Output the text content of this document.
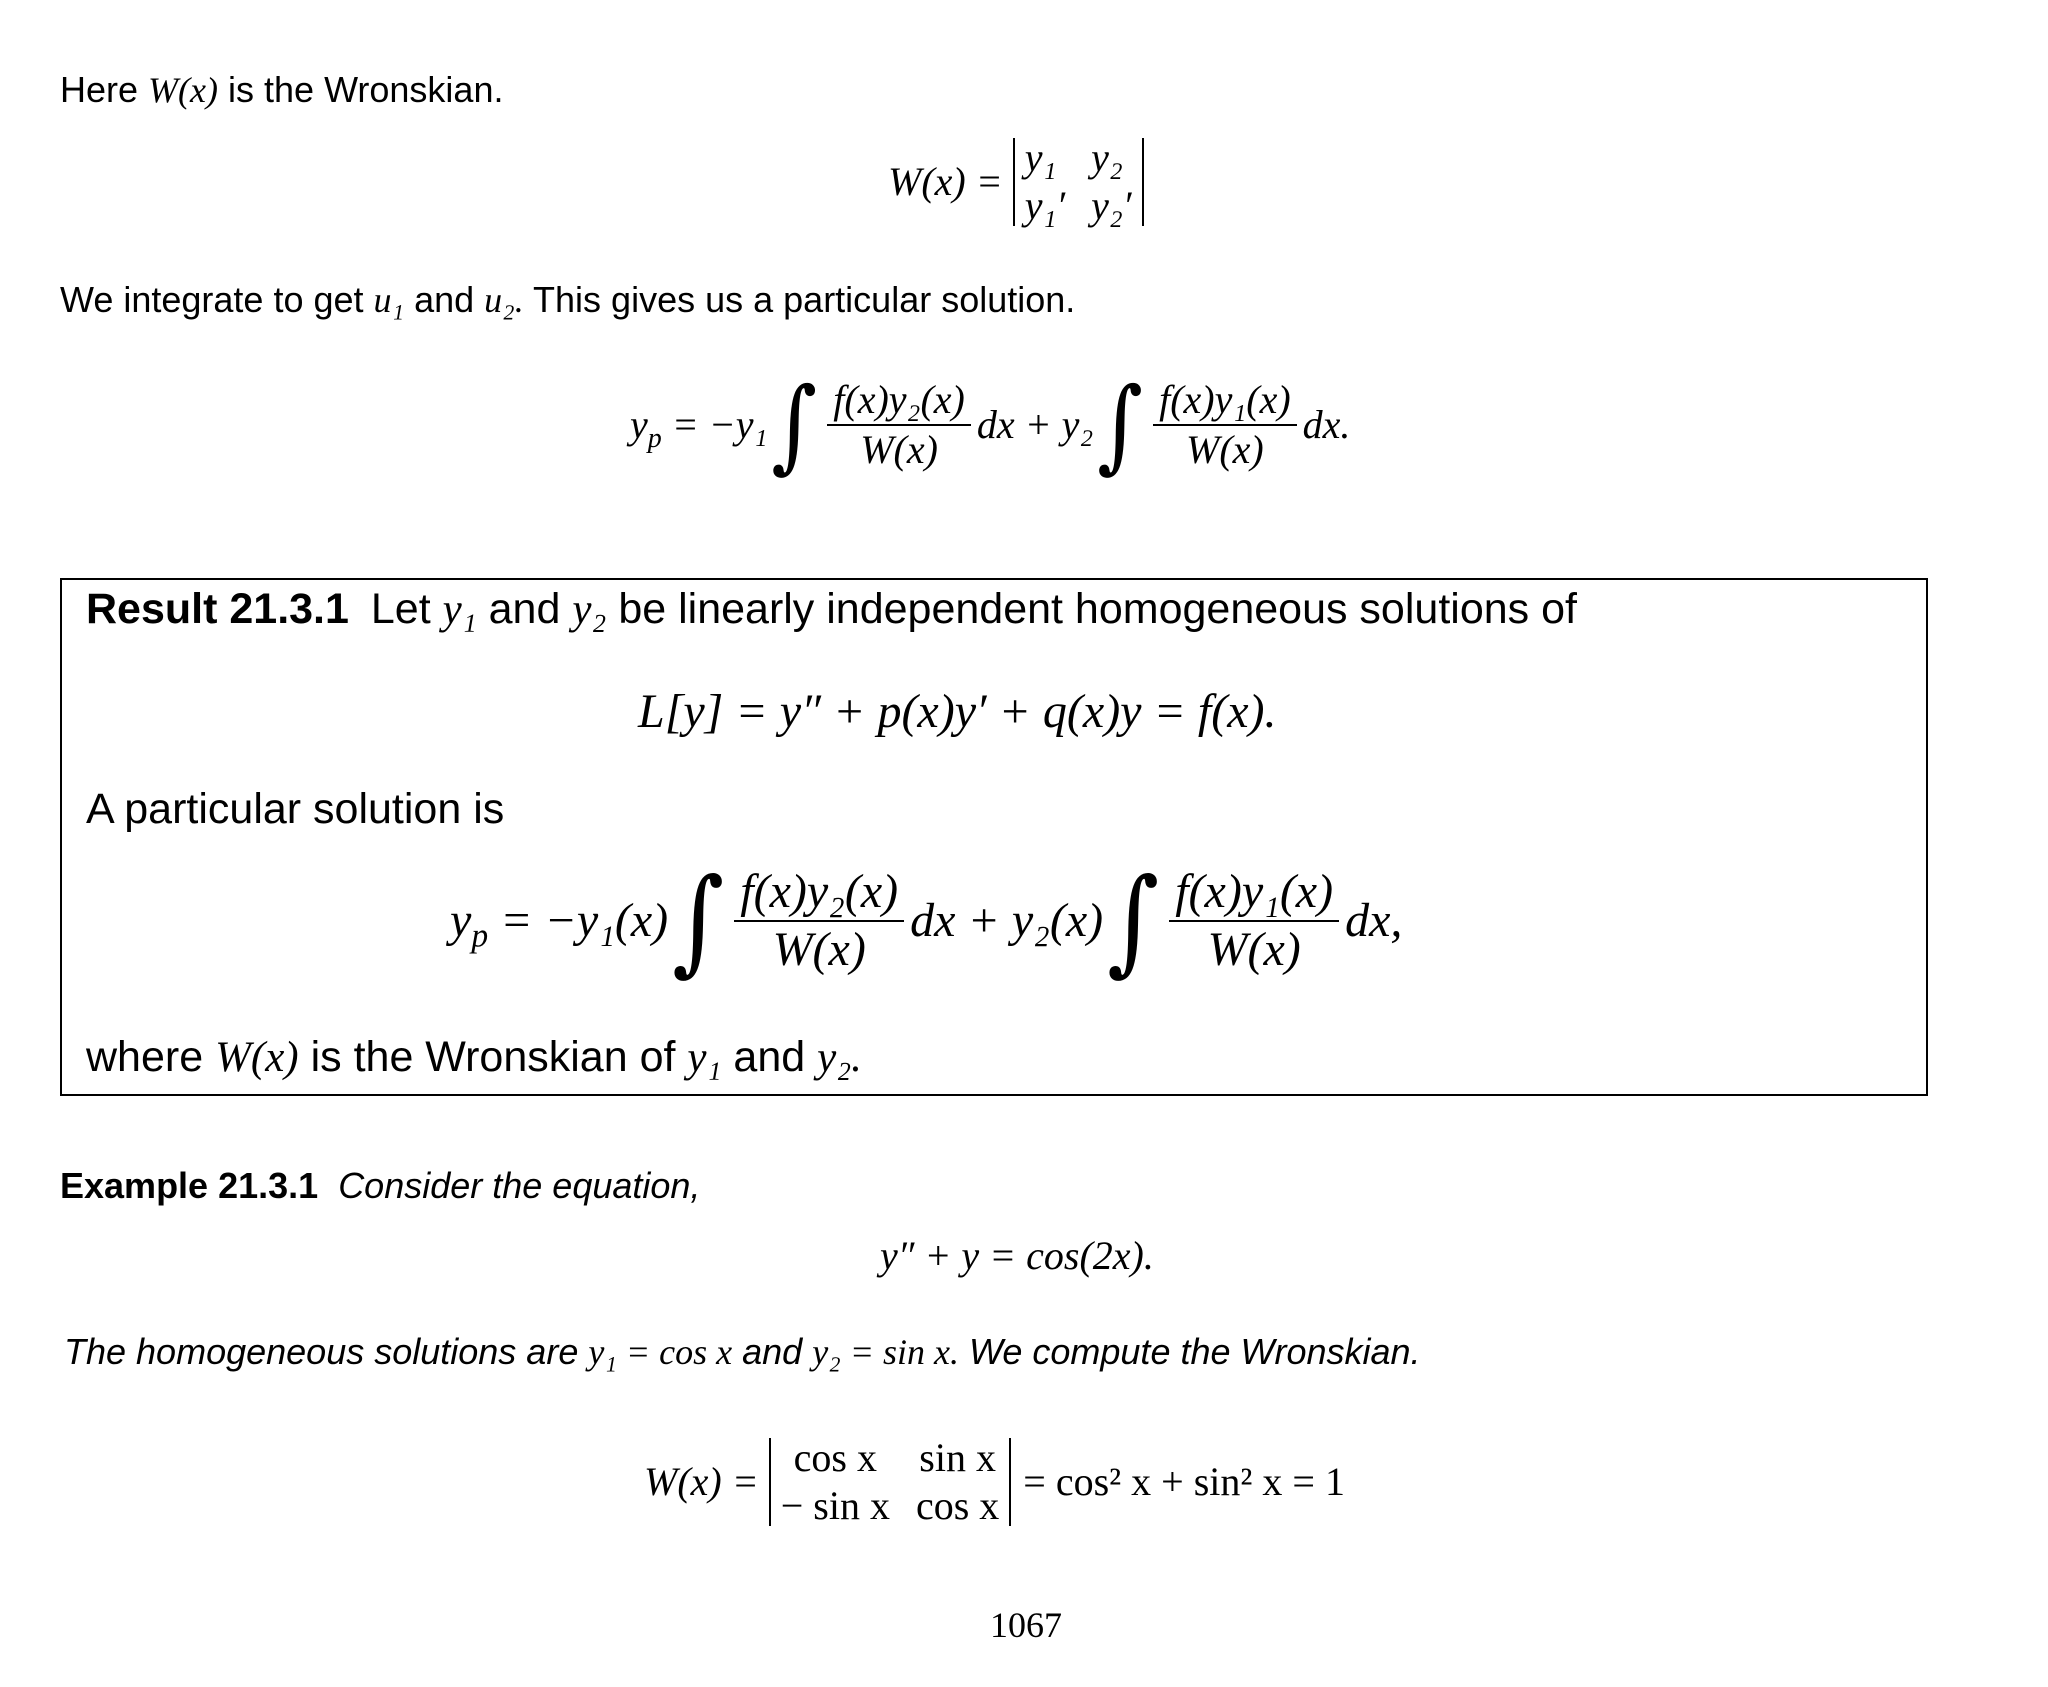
Here W(x) is the Wronskian.
W(x) =
y₁ y₂
y₁′ y₂′
We integrate to get u₁ and u₂. This gives us a particular solution.
$y_p = -y_1$ ∫ $\frac{\text{f(x)y₂(x)}}{W(x)}$ dx + y₂ ∫ $\frac{\text{f(x)y₁(x)}}{W(x)}$ dx.
Result 21.3.1 Let y₁ and y₂ be linearly independent homogeneous solutions of
L[y] = y″ + p(x)y′ + q(x)y = f(x).
A particular solution is
$y_p = -y_1(x)$ ∫ $\frac{\text{f(x)y₂(x)}}{W(x)}$ dx + y₂(x) ∫ $\frac{\text{f(x)y₁(x)}}{W(x)}$ dx,
where W(x) is the Wronskian of y₁ and y₂.
Example 21.3.1 Consider the equation,
y″ + y = cos(2x).
The homogeneous solutions are y₁ = cos x and y₂ = sin x. We compute the Wronskian.
W(x) =
cos x sin x
− sin x cos x
= cos² x + sin² x = 1
1067
